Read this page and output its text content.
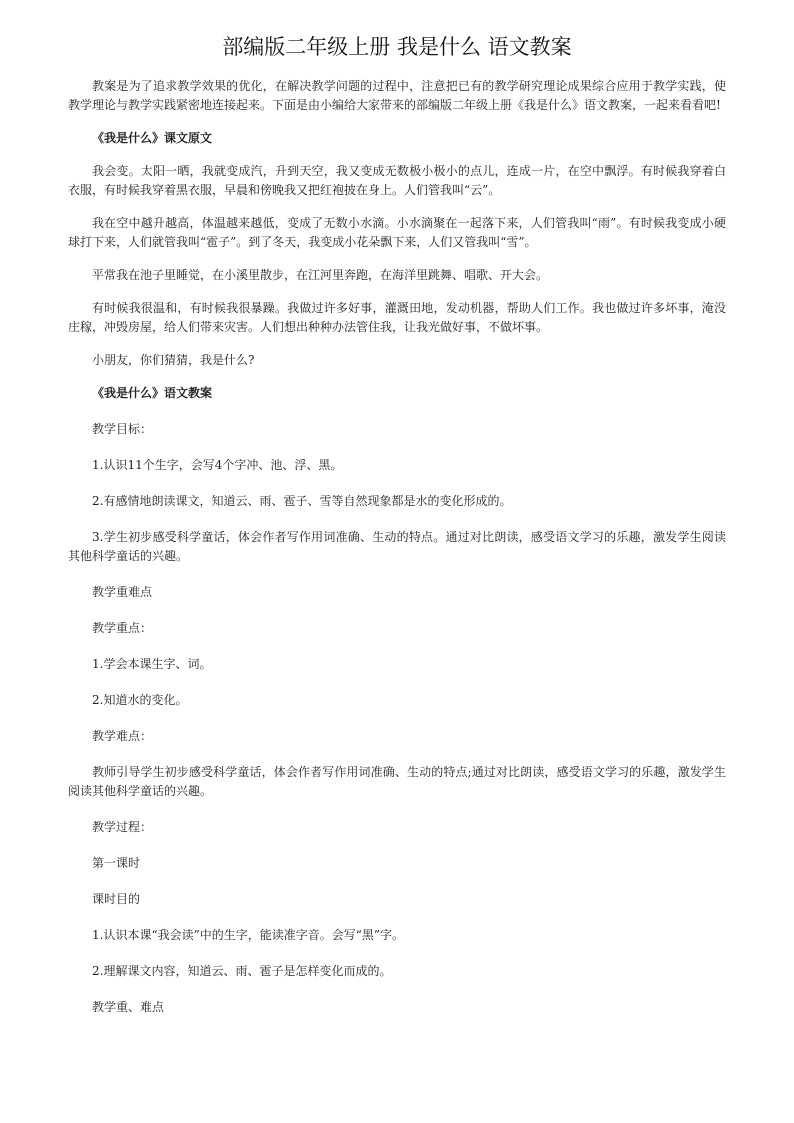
部编版二年级上册 我是什么 语文教案

教案是为了追求教学效果的优化，在解决教学问题的过程中，注意把已有的教学研究理论成果综合应用于教学实践，使教学理论与教学实践紧密地连接起来。下面是由小编给大家带来的部编版二年级上册《我是什么》语文教案，一起来看看吧!

《我是什么》课文原文

我会变。太阳一晒，我就变成汽，升到天空，我又变成无数极小极小的点儿，连成一片，在空中飘浮。有时候我穿着白衣服，有时候我穿着黑衣服，早晨和傍晚我又把红袍披在身上。人们管我叫“云”。

我在空中越升越高，体温越来越低，变成了无数小水滴。小水滴聚在一起落下来，人们管我叫“雨”。有时候我变成小硬球打下来，人们就管我叫“雹子”。到了冬天，我变成小花朵飘下来，人们又管我叫“雪”。

平常我在池子里睡觉，在小溪里散步，在江河里奔跑，在海洋里跳舞、唱歌、开大会。

有时候我很温和，有时候我很暴躁。我做过许多好事，灌溉田地，发动机器，帮助人们工作。我也做过许多坏事，淹没庄稼，冲毁房屋，给人们带来灾害。人们想出种种办法管住我，让我光做好事，不做坏事。

小朋友，你们猜猜，我是什么?

《我是什么》语文教案

教学目标：

1.认识11个生字，会写4个字冲、池、浮、黑。

2.有感情地朗读课文，知道云、雨、雹子、雪等自然现象都是水的变化形成的。

3.学生初步感受科学童话，体会作者写作用词准确、生动的特点。通过对比朗读，感受语文学习的乐趣，激发学生阅读其他科学童话的兴趣。

教学重难点

教学重点：

1.学会本课生字、词。

2.知道水的变化。

教学难点：

教师引导学生初步感受科学童话，体会作者写作用词准确、生动的特点;通过对比朗读，感受语文学习的乐趣，激发学生阅读其他科学童话的兴趣。

教学过程：

第一课时

课时目的

1.认识本课“我会读”中的生字，能读准字音。会写“黑”字。

2.理解课文内容，知道云、雨、雹子是怎样变化而成的。

教学重、难点
